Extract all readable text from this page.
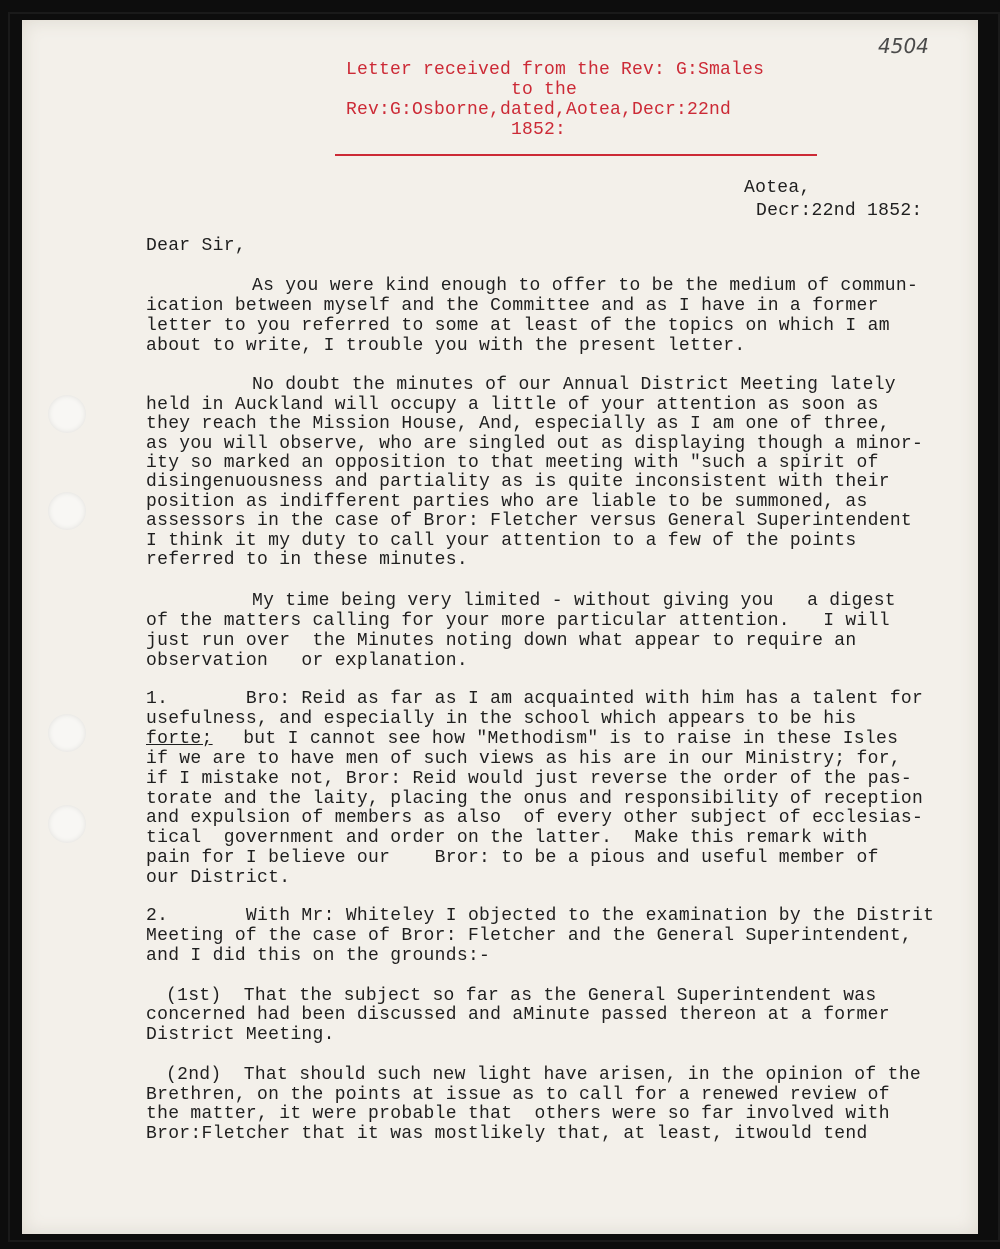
4504
Letter received from the Rev: G:Smales
to the
Rev:G:Osborne,dated,Aotea,Decr:22nd
1852:
Aotea,
Decr:22nd 1852:
Dear Sir,
As you were kind enough to offer to be the medium of commun-
ication between myself and the Committee and as I have in a former
letter to you referred to some at least of the topics on which I am
about to write, I trouble you with the present letter.
No doubt the minutes of our Annual District Meeting lately
held in Auckland will occupy a little of your attention as soon as
they reach the Mission House, And, especially as I am one of three,
as you will observe, who are singled out as displaying though a minor-
ity so marked an opposition to that meeting with "such a spirit of
disingenuousness and partiality as is quite inconsistent with their
position as indifferent parties who are liable to be summoned, as
assessors in the case of Bror: Fletcher versus General Superintendent
I think it my duty to call your attention to a few of the points
referred to in these minutes.
My time being very limited - without giving you   a digest
of the matters calling for your more particular attention.   I will
just run over  the Minutes noting down what appear to require an
observation   or explanation.
1.       Bro: Reid as far as I am acquainted with him has a talent for
usefulness, and especially in the school which appears to be his
forte; but I cannot see how "Methodism" is to raise in these Isles
if we are to have men of such views as his are in our Ministry; for,
if I mistake not, Bror: Reid would just reverse the order of the pas-
torate and the laity, placing the onus and responsibility of reception
and expulsion of members as also  of every other subject of ecclesias-
tical  government and order on the latter.  Make this remark with
pain for I believe our    Bror: to be a pious and useful member of
our District.
2.       With Mr: Whiteley I objected to the examination by the Distrit
Meeting of the case of Bror: Fletcher and the General Superintendent,
and I did this on the grounds:-
(1st)  That the subject so far as the General Superintendent was
concerned had been discussed and aMinute passed thereon at a former
District Meeting.
(2nd)  That should such new light have arisen, in the opinion of the
Brethren, on the points at issue as to call for a renewed review of
the matter, it were probable that  others were so far involved with
Bror:Fletcher that it was mostlikely that, at least, itwould tend
